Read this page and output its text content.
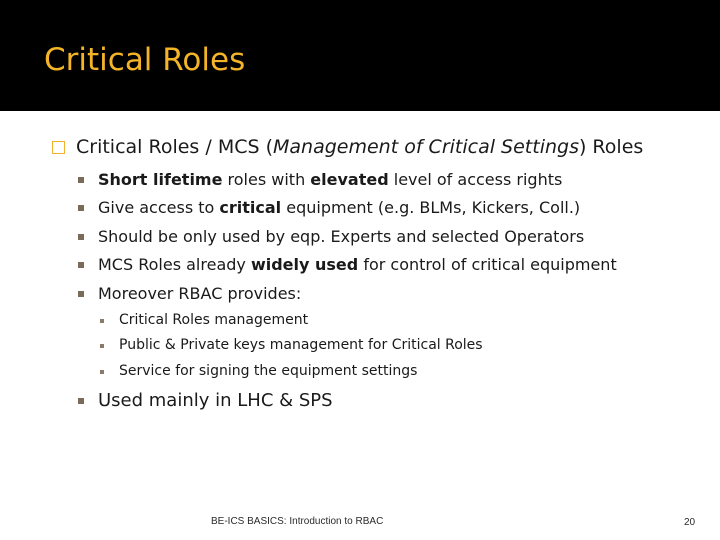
Critical Roles
Critical Roles / MCS (Management of Critical Settings) Roles
Short lifetime roles with elevated level of access rights
Give access to critical equipment (e.g. BLMs, Kickers, Coll.)
Should be only used by eqp. Experts and selected Operators
MCS Roles already widely used for control of critical equipment
Moreover RBAC provides:
Critical Roles management
Public & Private keys management for Critical Roles
Service for signing the equipment settings
Used mainly in LHC & SPS
BE-ICS BASICS: Introduction to RBAC	20
